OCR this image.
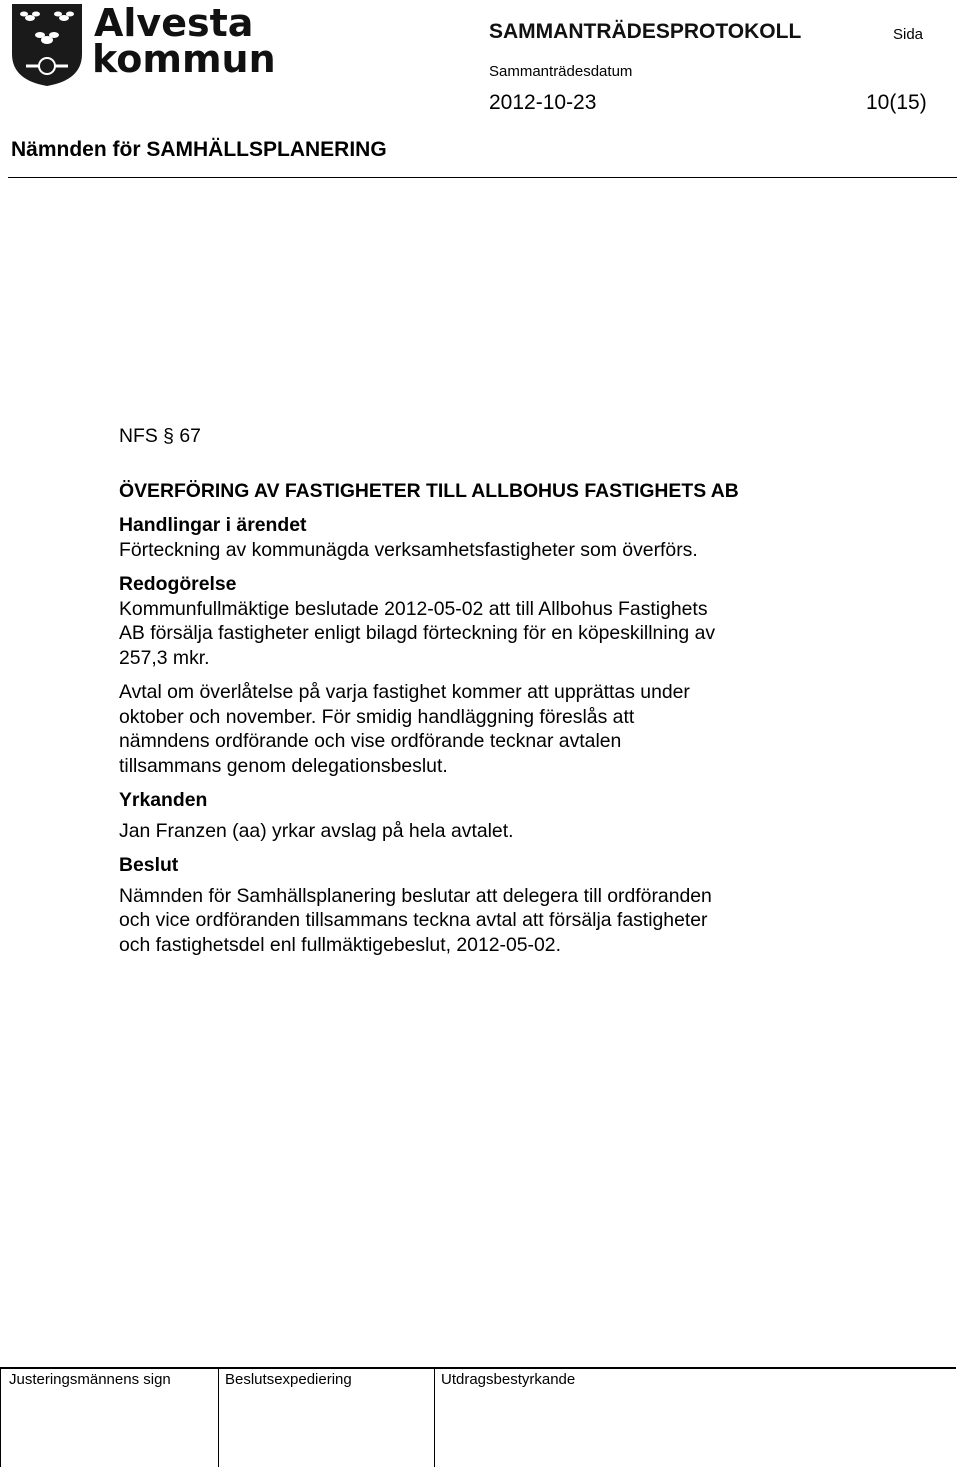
Alvesta
kommun
SAMMANTRÄDESPROTOKOLL	Sida
Sammanträdesdatum
2012-10-23	10(15)
Nämnden för SAMHÄLLSPLANERING

NFS § 67

ÖVERFÖRING AV FASTIGHETER TILL ALLBOHUS FASTIGHETS AB

Handlingar i ärendet

Förteckning av kommunägda verksamhetsfastigheter som överförs.

Redogörelse

Kommunfullmäktige beslutade 2012-05-02 att till Allbohus Fastighets
AB försälja fastigheter enligt bilagd förteckning för en köpeskillning av
257,3 mkr.

Avtal om överlåtelse på varja fastighet kommer att upprättas under
oktober och november. För smidig handläggning föreslås att
nämndens ordförande och vise ordförande tecknar avtalen
tillsammans genom delegationsbeslut.

Yrkanden

Jan Franzen (aa) yrkar avslag på hela avtalet.

Beslut

Nämnden för Samhällsplanering beslutar att delegera till ordföranden
och vice ordföranden tillsammans teckna avtal att försälja fastigheter
och fastighetsdel enl fullmäktigebeslut, 2012-05-02.

Justeringsmännens sign	Beslutsexpediering	Utdragsbestyrkande
